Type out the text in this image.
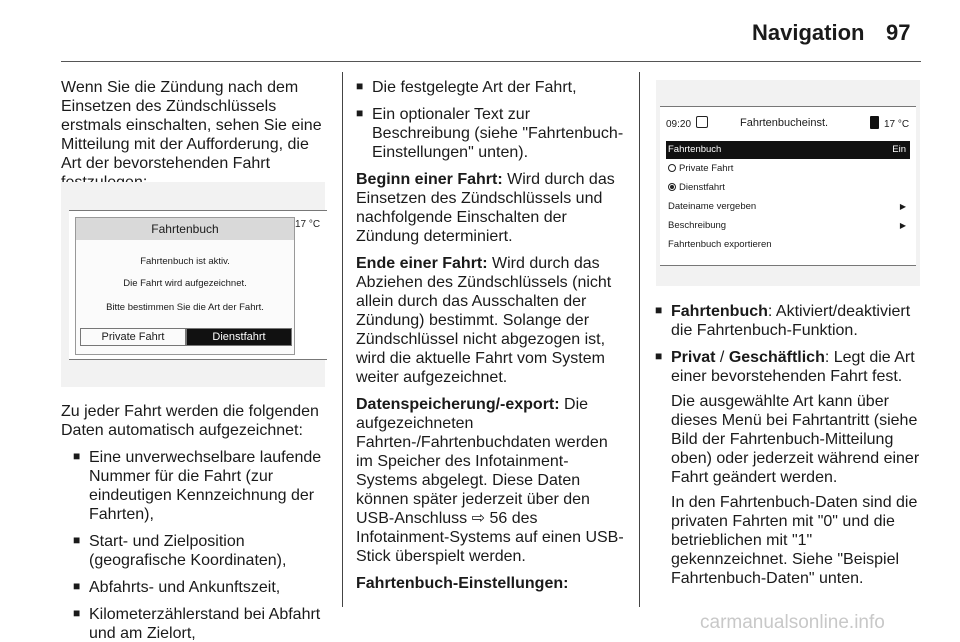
Navigation 97

Wenn Sie die Zündung nach dem Einsetzen des Zündschlüssels erstmals einschalten, sehen Sie eine Mitteilung mit der Aufforderung, die Art der bevorstehenden Fahrt

Fahrtenbuch
Fahrtenbuch ist aktiv.
Die Fahrt wird aufgezeichnet.
Bitte bestimmen Sie die Art der Fahrt.
Private Fahrt	Dienstfahrt
17 °C

Zu jeder Fahrt werden die folgenden Daten automatisch aufgezeichnet:

■ Eine unverwechselbare laufende Nummer für die Fahrt (zur eindeutigen Kennzeichnung der Fahrten),
■ Start- und Zielposition (geografische Koordinaten),
■ Abfahrts- und Ankunftszeit,
■ Kilometerzählerstand bei Abfahrt und am Zielort,
■ Die festgelegte Art der Fahrt,
■ Ein optionaler Text zur Beschreibung (siehe "Fahrtenbuch-Einstellungen" unten).

Beginn einer Fahrt: Wird durch das Einsetzen des Zündschlüssels und nachfolgende Einschalten der Zündung determiniert.

Ende einer Fahrt: Wird durch das Abziehen des Zündschlüssels (nicht allein durch das Ausschalten der Zündung) bestimmt. Solange der Zündschlüssel nicht abgezogen ist, wird die aktuelle Fahrt vom System weiter aufgezeichnet.

Datenspeicherung/-export: Die aufgezeichneten Fahrten-/Fahrtenbuchdaten werden im Speicher des Infotainment-Systems abgelegt. Diese Daten können später jederzeit über den USB-Anschluss ⇨ 56 des Infotainment-Systems auf einen USB-Stick überspielt werden.

Fahrtenbuch-Einstellungen:

09:20	Fahrtenbucheinst.	17 °C
Fahrtenbuch	Ein
Private Fahrt
Dienstfahrt
Dateiname vergeben	▶
Beschreibung	▶
Fahrtenbuch exportieren
■ Fahrtenbuch: Aktiviert/deaktiviert die Fahrtenbuch-Funktion.
■ Privat / Geschäftlich: Legt die Art einer bevorstehenden Fahrt fest.
Die ausgewählte Art kann über dieses Menü bei Fahrtantritt (siehe Bild der Fahrtenbuch-Mitteilung oben) oder jederzeit während einer Fahrt geändert werden.
In den Fahrtenbuch-Daten sind die privaten Fahrten mit "0" und die betrieblichen mit "1" gekennzeichnet. Siehe "Beispiel Fahrtenbuch-Daten" unten.
carmanualsonline.info
